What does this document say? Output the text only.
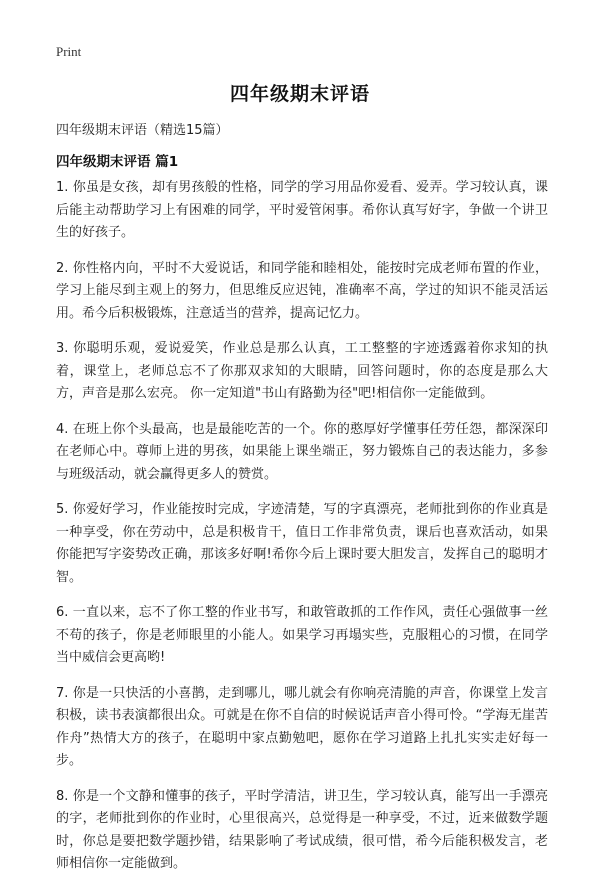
Print
四年级期末评语
四年级期末评语（精选15篇）
四年级期末评语 篇1

1. 你虽是女孩，却有男孩般的性格，同学的学习用品你爱看、爱弄。学习较认真，课后能主动帮助学习上有困难的同学，平时爱管闲事。希你认真写好字，争做一个讲卫生的好孩子。

2. 你性格内向，平时不大爱说话，和同学能和睦相处，能按时完成老师布置的作业，学习上能尽到主观上的努力，但思维反应迟钝，准确率不高，学过的知识不能灵活运用。希今后积极锻炼，注意适当的营养，提高记忆力。

3. 你聪明乐观，爱说爱笑，作业总是那么认真，工工整整的字迹透露着你求知的执着，课堂上，老师总忘不了你那双求知的大眼睛，回答问题时，你的态度是那么大方，声音是那么宏亮。 你一定知道"书山有路勤为径"吧!相信你一定能做到。

4. 在班上你个头最高，也是最能吃苦的一个。你的憨厚好学懂事任劳任怨，都深深印在老师心中。尊师上进的男孩，如果能上课坐端正，努力锻炼自己的表达能力，多参与班级活动，就会赢得更多人的赞赏。

5. 你爱好学习，作业能按时完成，字迹清楚，写的字真漂亮，老师批到你的作业真是一种享受，你在劳动中，总是积极肯干，值日工作非常负责，课后也喜欢活动，如果你能把写字姿势改正确，那该多好啊!希你今后上课时要大胆发言，发挥自己的聪明才智。

6. 一直以来，忘不了你工整的作业书写，和敢管敢抓的工作作风，责任心强做事一丝不苟的孩子，你是老师眼里的小能人。如果学习再塌实些，克服粗心的习惯，在同学当中威信会更高哟!

7. 你是一只快活的小喜鹊，走到哪儿，哪儿就会有你响亮清脆的声音，你课堂上发言积极，读书表演都很出众。可就是在你不自信的时候说话声音小得可怜。“学海无崖苦作舟”热情大方的孩子，在聪明中家点勤勉吧，愿你在学习道路上扎扎实实走好每一步。

8. 你是一个文静和懂事的孩子，平时学清洁，讲卫生，学习较认真，能写出一手漂亮的字，老师批到你的作业时，心里很高兴，总觉得是一种享受，不过，近来做数学题时，你总是要把数学题抄错，结果影响了考试成绩，很可惜，希今后能积极发言，老师相信你一定能做到。
